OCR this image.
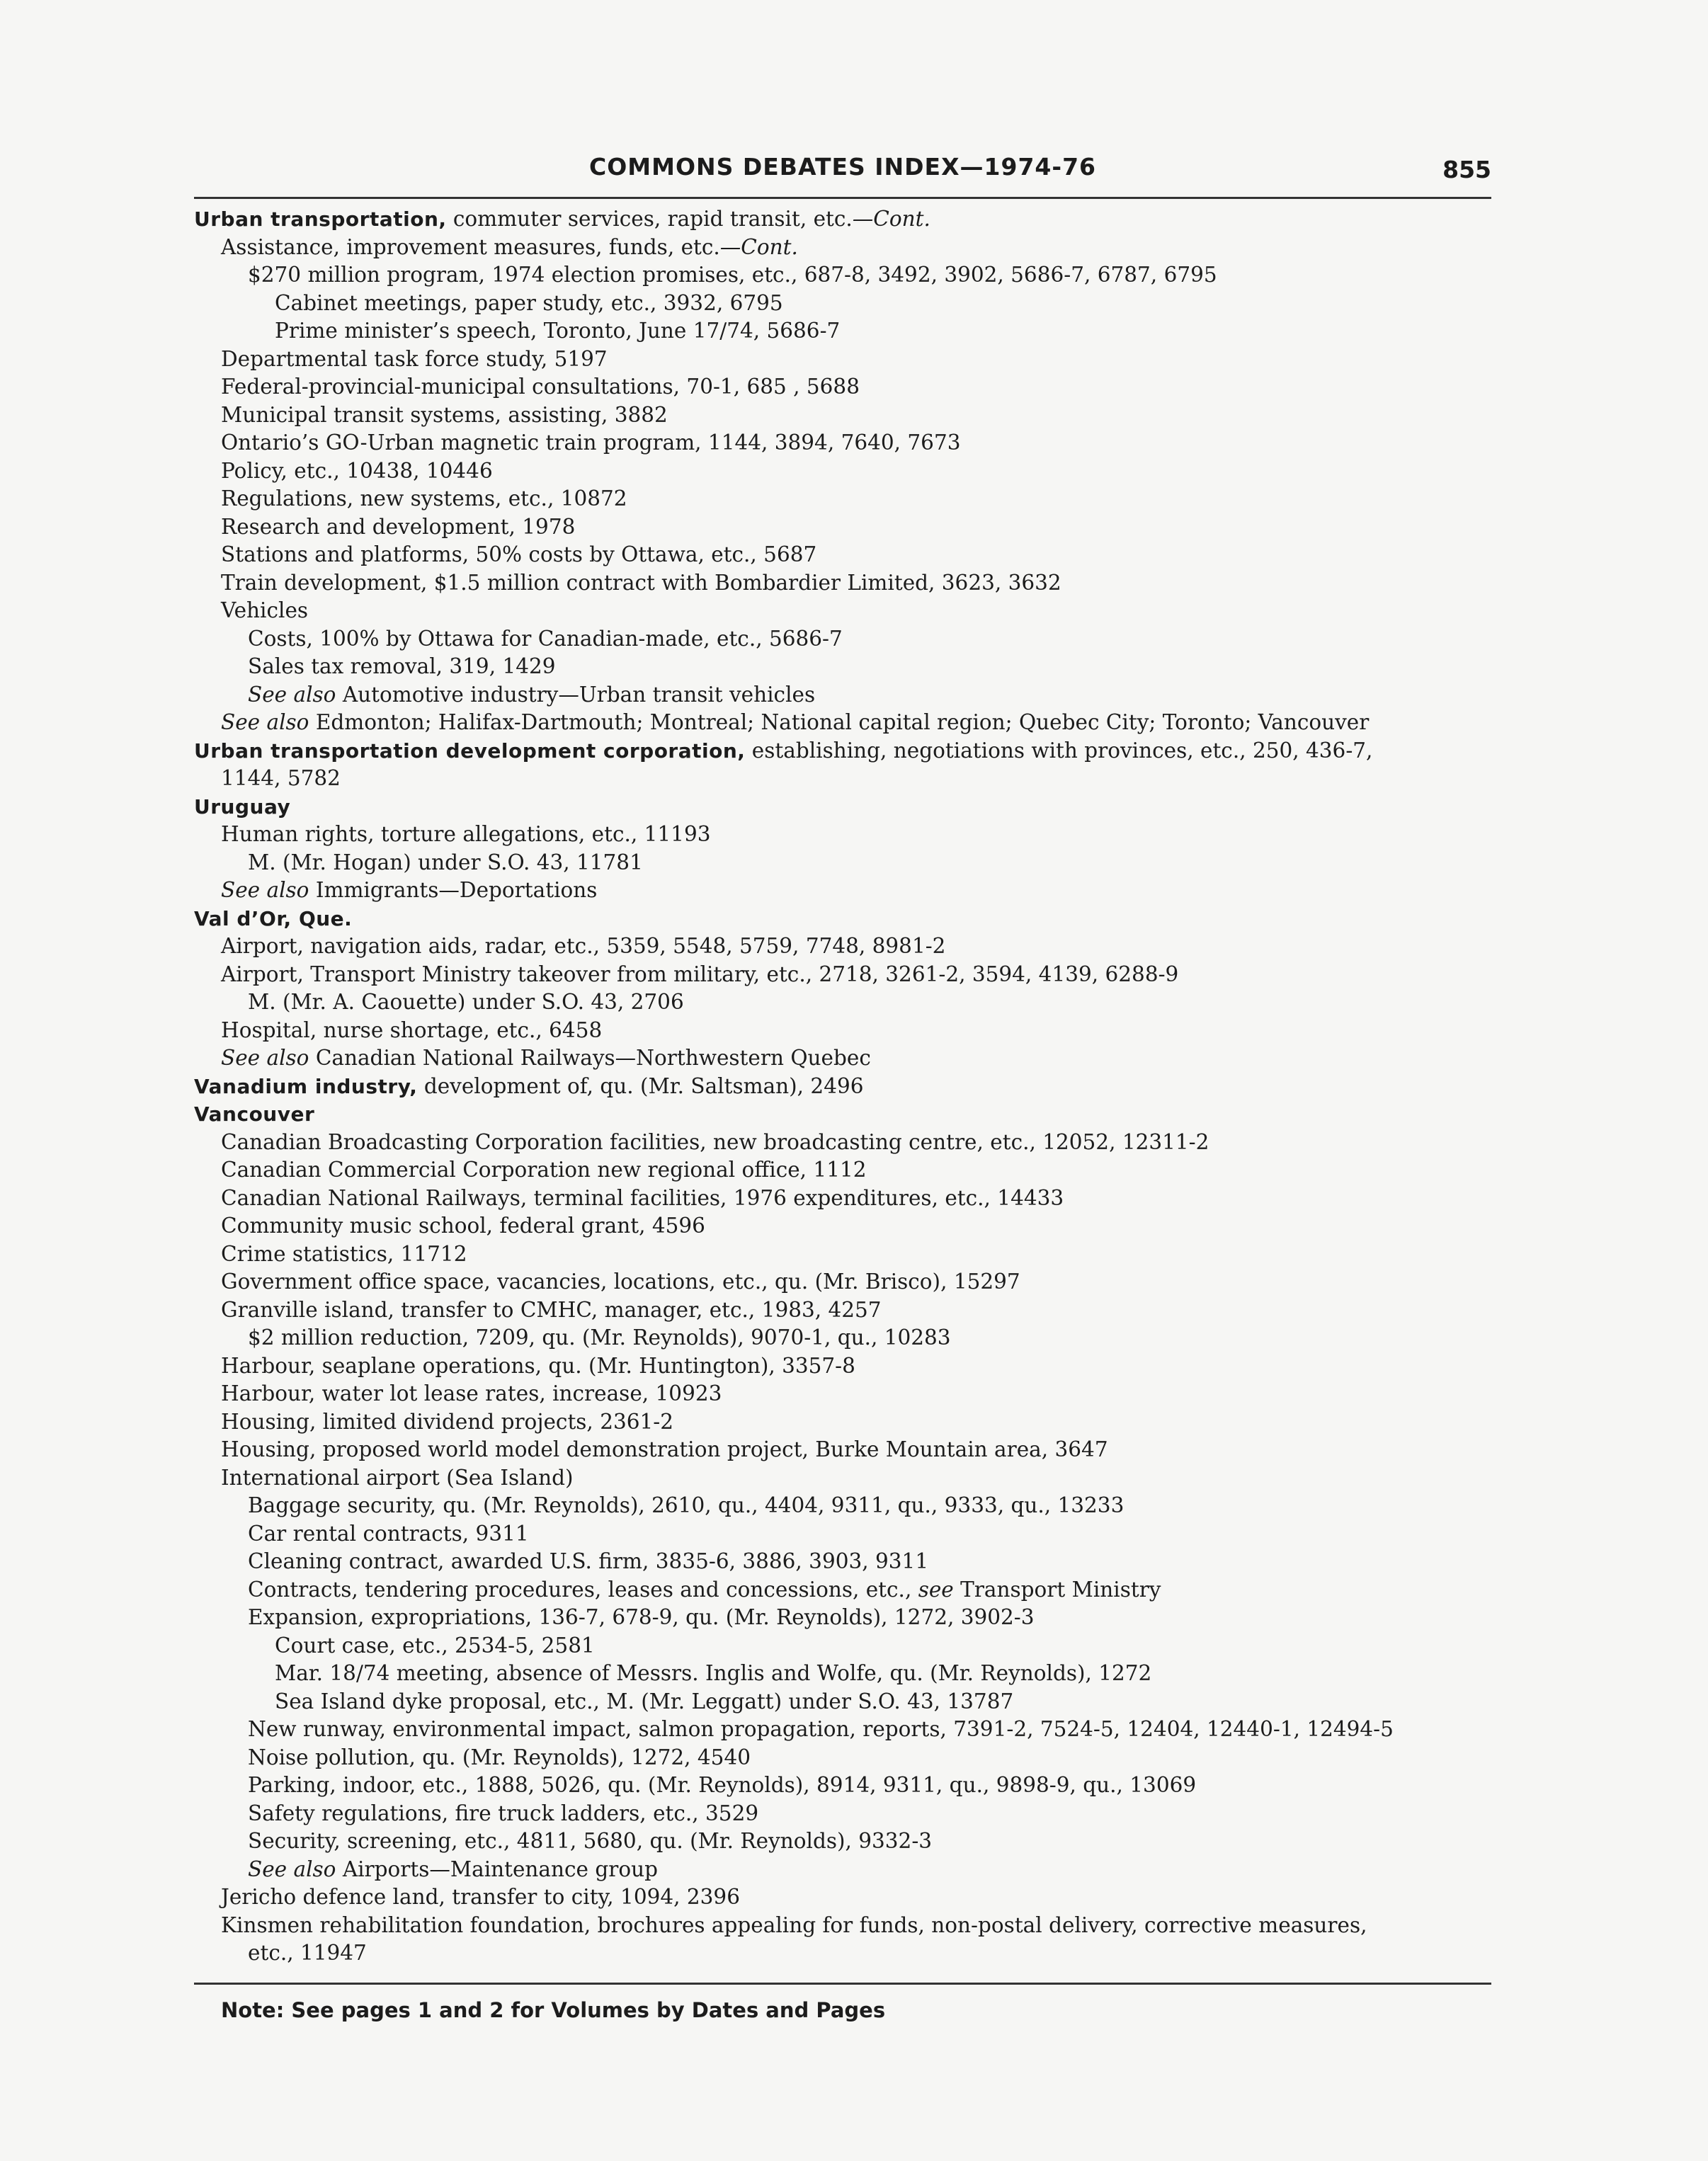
COMMONS DEBATES INDEX—1974-76	855
Urban transportation, commuter services, rapid transit, etc.—Cont.
Assistance, improvement measures, funds, etc.—Cont.
$270 million program, 1974 election promises, etc., 687-8, 3492, 3902, 5686-7, 6787, 6795
Cabinet meetings, paper study, etc., 3932, 6795
Prime minister’s speech, Toronto, June 17/74, 5686-7
Departmental task force study, 5197
Federal-provincial-municipal consultations, 70-1, 685 , 5688
Municipal transit systems, assisting, 3882
Ontario’s GO-Urban magnetic train program, 1144, 3894, 7640, 7673
Policy, etc., 10438, 10446
Regulations, new systems, etc., 10872
Research and development, 1978
Stations and platforms, 50% costs by Ottawa, etc., 5687
Train development, $1.5 million contract with Bombardier Limited, 3623, 3632
Vehicles
Costs, 100% by Ottawa for Canadian-made, etc., 5686-7
Sales tax removal, 319, 1429
See also Automotive industry—Urban transit vehicles
See also Edmonton; Halifax-Dartmouth; Montreal; National capital region; Quebec City; Toronto; Vancouver
Urban transportation development corporation, establishing, negotiations with provinces, etc., 250, 436-7,
1144, 5782
Uruguay
Human rights, torture allegations, etc., 11193
M. (Mr. Hogan) under S.O. 43, 11781
See also Immigrants—Deportations
Val d’Or, Que.
Airport, navigation aids, radar, etc., 5359, 5548, 5759, 7748, 8981-2
Airport, Transport Ministry takeover from military, etc., 2718, 3261-2, 3594, 4139, 6288-9
M. (Mr. A. Caouette) under S.O. 43, 2706
Hospital, nurse shortage, etc., 6458
See also Canadian National Railways—Northwestern Quebec
Vanadium industry, development of, qu. (Mr. Saltsman), 2496
Vancouver
Canadian Broadcasting Corporation facilities, new broadcasting centre, etc., 12052, 12311-2
Canadian Commercial Corporation new regional office, 1112
Canadian National Railways, terminal facilities, 1976 expenditures, etc., 14433
Community music school, federal grant, 4596
Crime statistics, 11712
Government office space, vacancies, locations, etc., qu. (Mr. Brisco), 15297
Granville island, transfer to CMHC, manager, etc., 1983, 4257
$2 million reduction, 7209, qu. (Mr. Reynolds), 9070-1, qu., 10283
Harbour, seaplane operations, qu. (Mr. Huntington), 3357-8
Harbour, water lot lease rates, increase, 10923
Housing, limited dividend projects, 2361-2
Housing, proposed world model demonstration project, Burke Mountain area, 3647
International airport (Sea Island)
Baggage security, qu. (Mr. Reynolds), 2610, qu., 4404, 9311, qu., 9333, qu., 13233
Car rental contracts, 9311
Cleaning contract, awarded U.S. firm, 3835-6, 3886, 3903, 9311
Contracts, tendering procedures, leases and concessions, etc., see Transport Ministry
Expansion, expropriations, 136-7, 678-9, qu. (Mr. Reynolds), 1272, 3902-3
Court case, etc., 2534-5, 2581
Mar. 18/74 meeting, absence of Messrs. Inglis and Wolfe, qu. (Mr. Reynolds), 1272
Sea Island dyke proposal, etc., M. (Mr. Leggatt) under S.O. 43, 13787
New runway, environmental impact, salmon propagation, reports, 7391-2, 7524-5, 12404, 12440-1, 12494-5
Noise pollution, qu. (Mr. Reynolds), 1272, 4540
Parking, indoor, etc., 1888, 5026, qu. (Mr. Reynolds), 8914, 9311, qu., 9898-9, qu., 13069
Safety regulations, fire truck ladders, etc., 3529
Security, screening, etc., 4811, 5680, qu. (Mr. Reynolds), 9332-3
See also Airports—Maintenance group
Jericho defence land, transfer to city, 1094, 2396
Kinsmen rehabilitation foundation, brochures appealing for funds, non-postal delivery, corrective measures,
etc., 11947
Note: See pages 1 and 2 for Volumes by Dates and Pages
